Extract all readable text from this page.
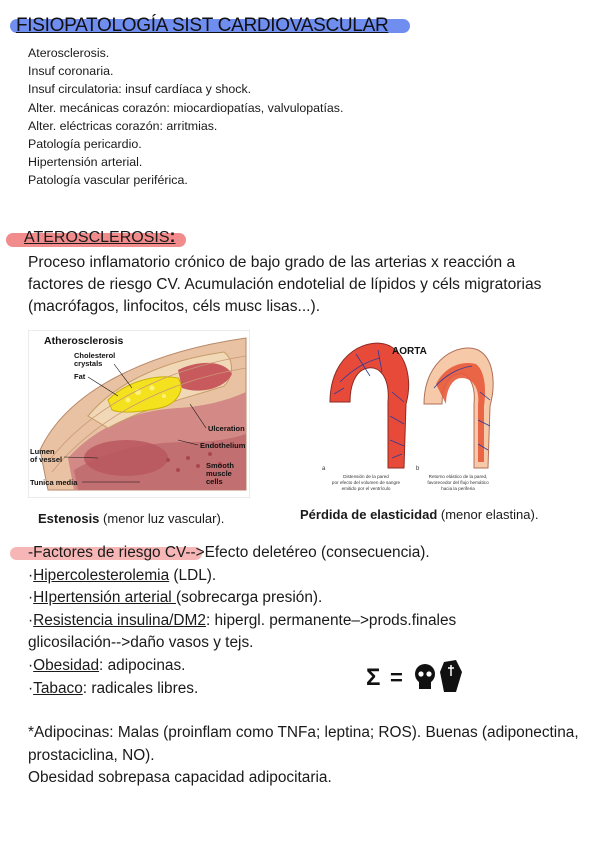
FISIOPATOLOGÍA SIST CARDIOVASCULAR
Aterosclerosis.
Insuf coronaria.
Insuf circulatoria: insuf cardíaca y shock.
Alter. mecánicas corazón: miocardiopatías, valvulopatías.
Alter. eléctricas corazón: arritmias.
Patología pericardio.
Hipertensión arterial.
Patología vascular periférica.
ATEROSCLEROSIS:
Proceso inflamatorio crónico de bajo grado de las arterias x reacción a factores de riesgo CV. Acumulación endotelial de lípidos y céls migratorias (macrófagos, linfocitos, céls musc lisas...).
Atherosclerosis
Cholesterol
crystals
Fat
Ulceration
Endothelium
Smooth
muscle
cells
Lumen
of vessel
Tunica media
AORTA
a	b
Distensión de la pared
por efecto del volumen de sangre
emitido por el ventrículo
Retorno elástico de la pared,
favorecedor del flujo hemático
hacia la periferia
Estenosis (menor luz vascular).	Pérdida de elasticidad (menor elastina).
-Factores de riesgo CV-->Efecto deletéreo (consecuencia).
·Hipercolesterolemia (LDL).
·HIpertensión arterial (sobrecarga presión).
·Resistencia insulina/DM2: hipergl. permanente–>prods.finales
glicosilación-->daño vasos y tejs.
·Obesidad: adipocinas.
·Tabaco: radicales libres.	Σ =
*Adipocinas: Malas (proinflam como TNFa; leptina; ROS). Buenas (adiponectina, prostaciclina, NO).
Obesidad sobrepasa capacidad adipocitaria.
